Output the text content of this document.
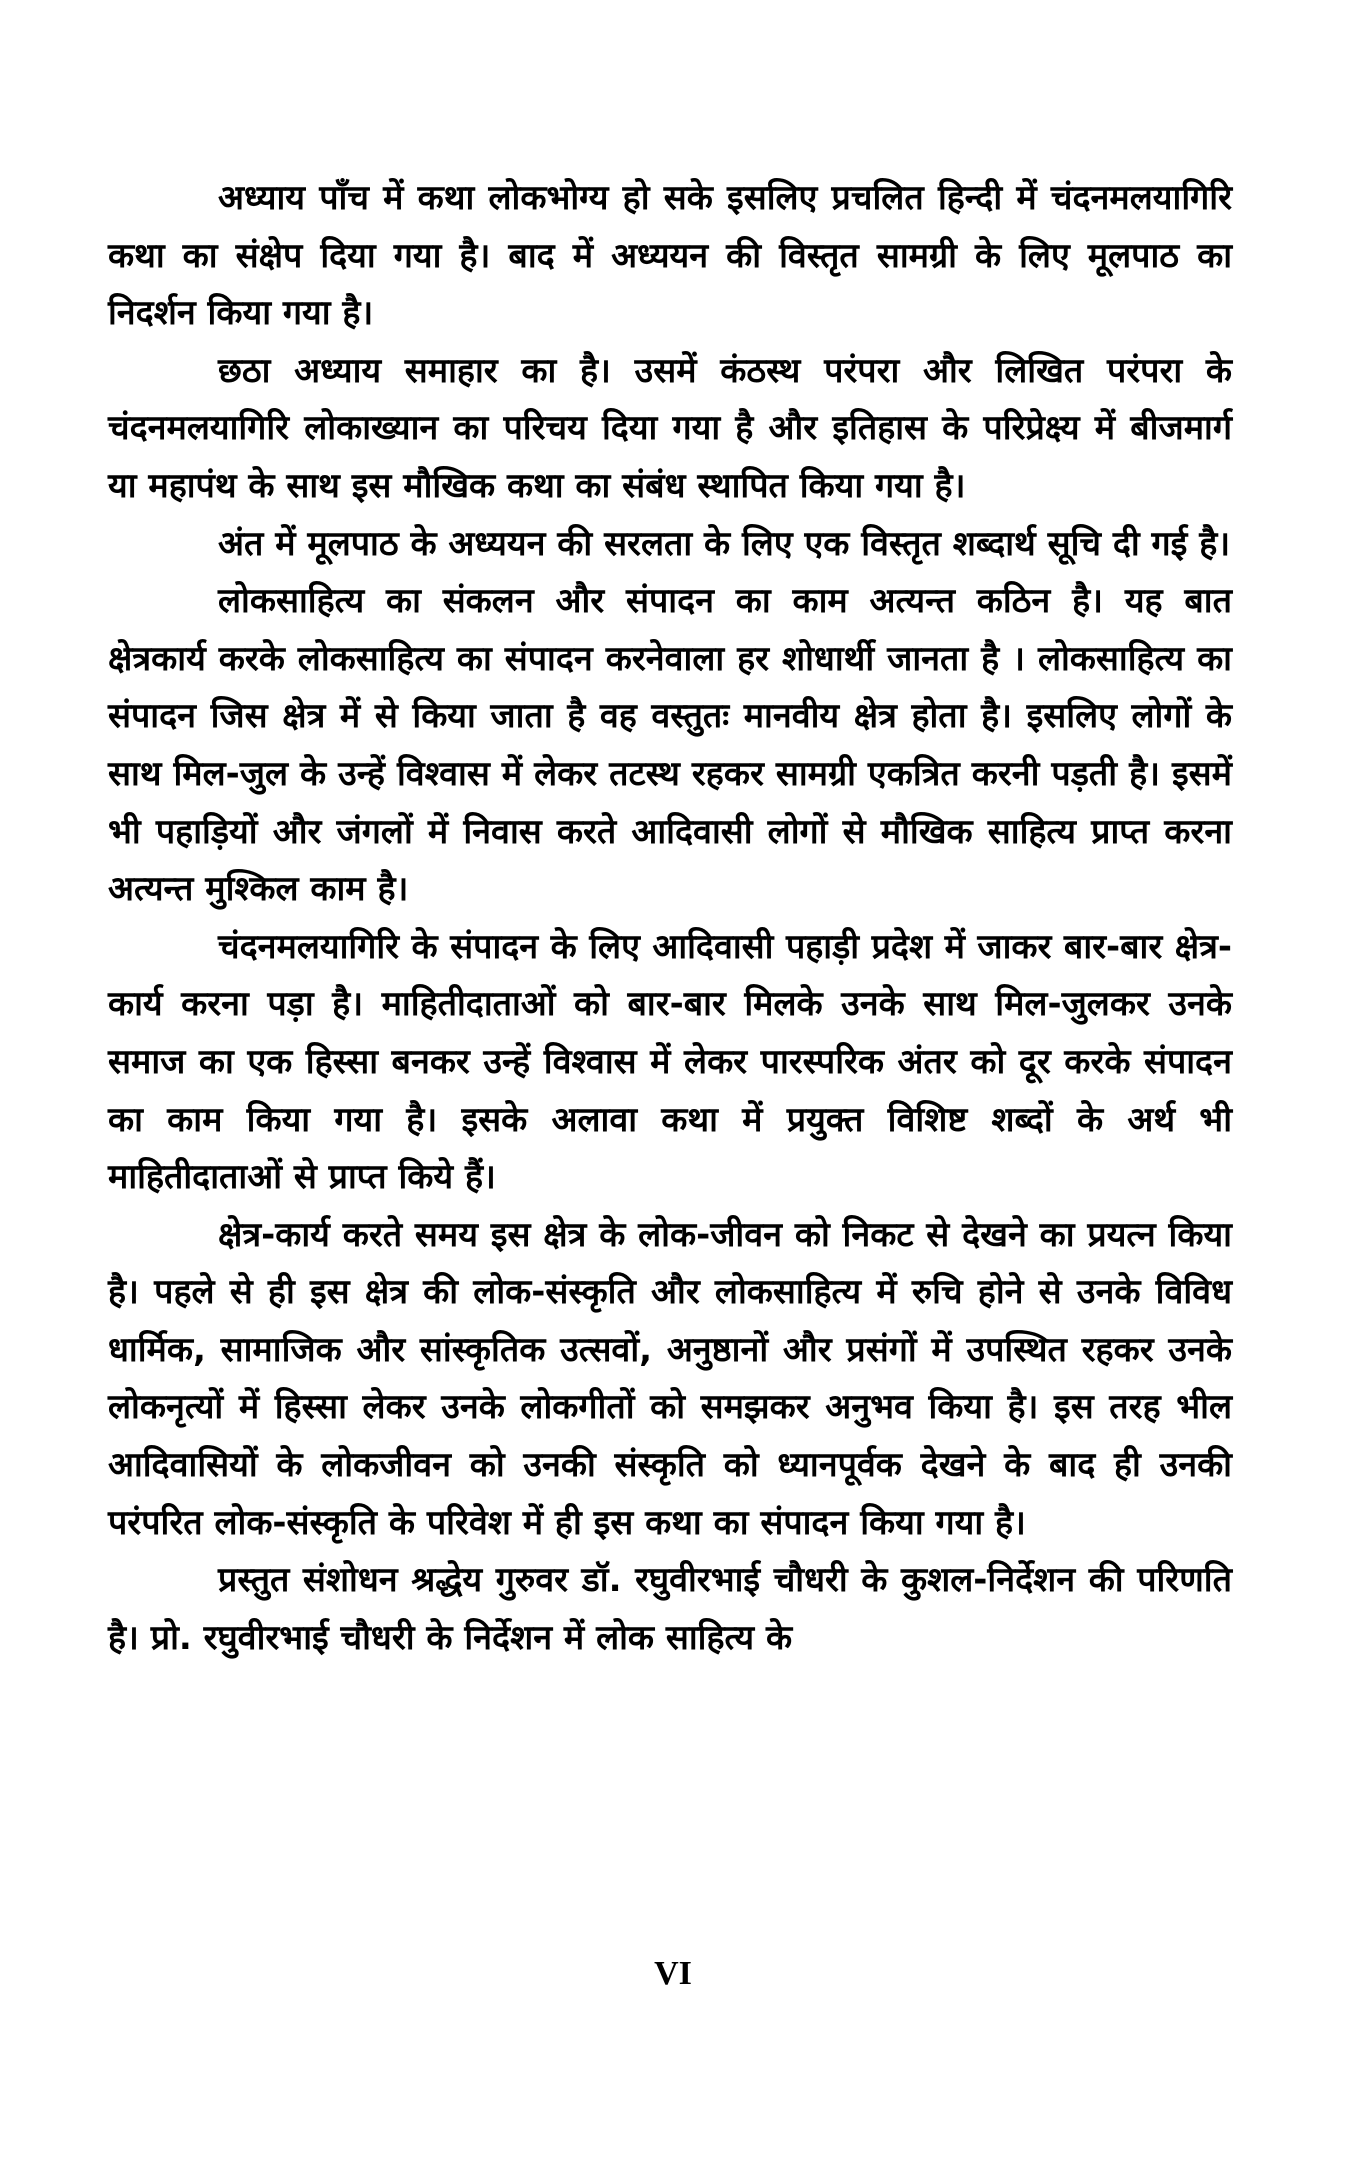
अध्याय पाँच में कथा लोकभोग्य हो सके इसलिए प्रचलित हिन्दी में चंदनमलयागिरि कथा का संक्षेप दिया गया है। बाद में अध्ययन की विस्तृत सामग्री के लिए मूलपाठ का निदर्शन किया गया है।

छठा अध्याय समाहार का है। उसमें कंठस्थ परंपरा और लिखित परंपरा के चंदनमलयागिरि लोकाख्यान का परिचय दिया गया है और इतिहास के परिप्रेक्ष्य में बीजमार्ग या महापंथ के साथ इस मौखिक कथा का संबंध स्थापित किया गया है।

अंत में मूलपाठ के अध्ययन की सरलता के लिए एक विस्तृत शब्दार्थ सूचि दी गई है।

लोकसाहित्य का संकलन और संपादन का काम अत्यन्त कठिन है। यह बात क्षेत्रकार्य करके लोकसाहित्य का संपादन करनेवाला हर शोधार्थी जानता है । लोकसाहित्य का संपादन जिस क्षेत्र में से किया जाता है वह वस्तुतः मानवीय क्षेत्र होता है। इसलिए लोगों के साथ मिल-जुल के उन्हें विश्वास में लेकर तटस्थ रहकर सामग्री एकत्रित करनी पड़ती है। इसमें भी पहाड़ियों और जंगलों में निवास करते आदिवासी लोगों से मौखिक साहित्य प्राप्त करना अत्यन्त मुश्किल काम है।

चंदनमलयागिरि के संपादन के लिए आदिवासी पहाड़ी प्रदेश में जाकर बार-बार क्षेत्र-कार्य करना पड़ा है। माहितीदाताओं को बार-बार मिलके उनके साथ मिल-जुलकर उनके समाज का एक हिस्सा बनकर उन्हें विश्वास में लेकर पारस्परिक अंतर को दूर करके संपादन का काम किया गया है। इसके अलावा कथा में प्रयुक्त विशिष्ट शब्दों के अर्थ भी माहितीदाताओं से प्राप्त किये हैं।

क्षेत्र-कार्य करते समय इस क्षेत्र के लोक-जीवन को निकट से देखने का प्रयत्न किया है। पहले से ही इस क्षेत्र की लोक-संस्कृति और लोकसाहित्य में रुचि होने से उनके विविध धार्मिक, सामाजिक और सांस्कृतिक उत्सवों, अनुष्ठानों और प्रसंगों में उपस्थित रहकर उनके लोकनृत्यों में हिस्सा लेकर उनके लोकगीतों को समझकर अनुभव किया है। इस तरह भील आदिवासियों के लोकजीवन को उनकी संस्कृति को ध्यानपूर्वक देखने के बाद ही उनकी परंपरित लोक-संस्कृति के परिवेश में ही इस कथा का संपादन किया गया है।

प्रस्तुत संशोधन श्रद्धेय गुरुवर डॉ. रघुवीरभाई चौधरी के कुशल-निर्देशन की परिणति है। प्रो. रघुवीरभाई चौधरी के निर्देशन में लोक साहित्य के

VI
